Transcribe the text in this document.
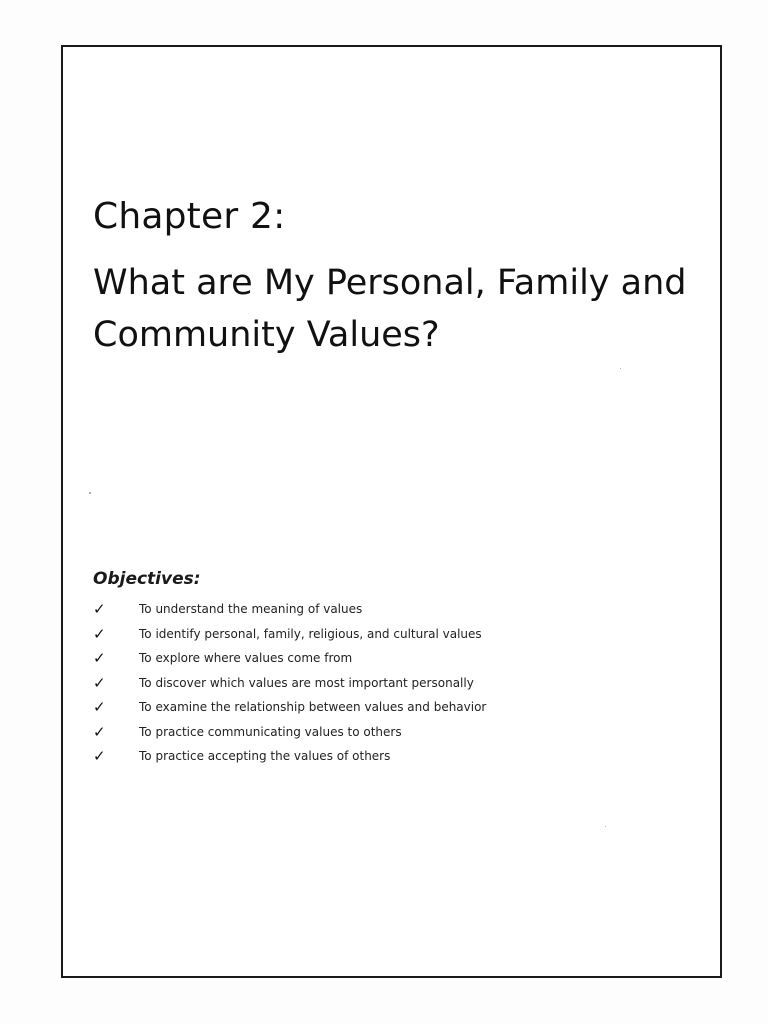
Chapter 2:
What are My Personal, Family and Community Values?
Objectives:
✓	To understand the meaning of values
✓	To identify personal, family, religious, and cultural values
✓	To explore where values come from
✓	To discover which values are most important personally
✓	To examine the relationship between values and behavior
✓	To practice communicating values to others
✓	To practice accepting the values of others
